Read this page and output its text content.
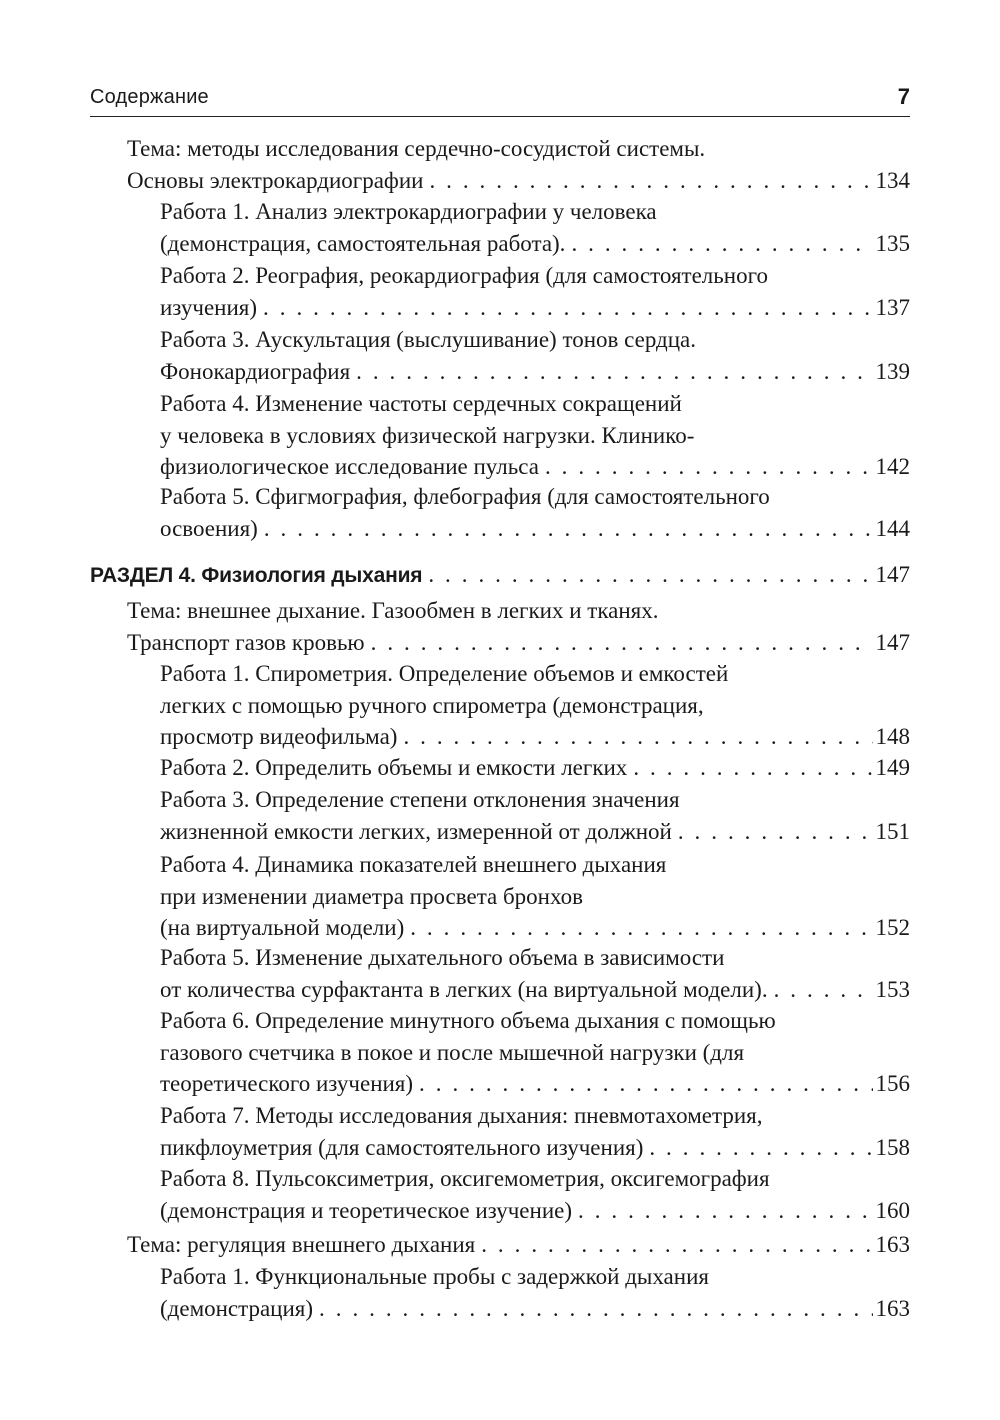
Содержание	7
Тема: методы исследования сердечно-сосудистой системы.
Основы электрокардиографии . . .	134
Работа 1. Анализ электрокардиографии у человека
(демонстрация, самостоятельная работа). . . .	135
Работа 2. Реография, реокардиография (для самостоятельного
изучения) . . .	137
Работа 3. Аускультация (выслушивание) тонов сердца.
Фонокардиография . . .	139
Работа 4. Изменение частоты сердечных сокращений
у человека в условиях физической нагрузки. Клинико-
физиологическое исследование пульса . . .	142
Работа 5. Сфигмография, флебография (для самостоятельного
освоения) . . .	144
РАЗДЕЛ 4. Физиология дыхания . . .	147
Тема: внешнее дыхание. Газообмен в легких и тканях.
Транспорт газов кровью . . .	147
Работа 1. Спирометрия. Определение объемов и емкостей
легких с помощью ручного спирометра (демонстрация,
просмотр видеофильма) . . .	148
Работа 2. Определить объемы и емкости легких . . .	149
Работа 3. Определение степени отклонения значения
жизненной емкости легких, измеренной от должной . . .	151
Работа 4. Динамика показателей внешнего дыхания
при изменении диаметра просвета бронхов
(на виртуальной модели) . . .	152
Работа 5. Изменение дыхательного объема в зависимости
от количества сурфактанта в легких (на виртуальной модели). . . .	153
Работа 6. Определение минутного объема дыхания с помощью
газового счетчика в покое и после мышечной нагрузки (для
теоретического изучения) . . .	156
Работа 7. Методы исследования дыхания: пневмотахометрия,
пикфлоуметрия (для самостоятельного изучения) . . .	158
Работа 8. Пульсоксиметрия, оксигемометрия, оксигемография
(демонстрация и теоретическое изучение) . . .	160
Тема: регуляция внешнего дыхания . . .	163
Работа 1. Функциональные пробы с задержкой дыхания
(демонстрация) . . .	163
